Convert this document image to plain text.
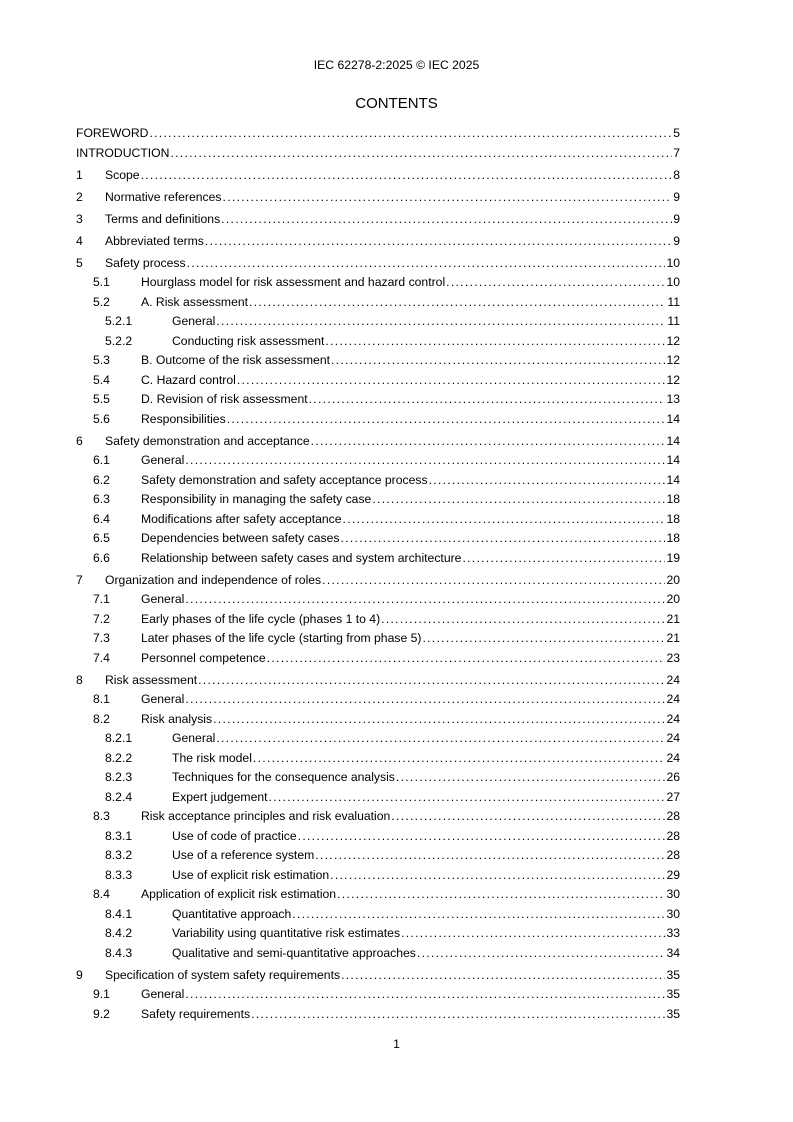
IEC 62278-2:2025 © IEC 2025
CONTENTS
FOREWORD . . .	5
INTRODUCTION . . .	7
1	Scope . . .	8
2	Normative references . . .	9
3	Terms and definitions . . .	9
4	Abbreviated terms . . .	9
5	Safety process . . .	10
5.1	Hourglass model for risk assessment and hazard control . . .	10
5.2	A. Risk assessment . . .	11
5.2.1	General . . .	11
5.2.2	Conducting risk assessment . . .	12
5.3	B. Outcome of the risk assessment . . .	12
5.4	C. Hazard control . . .	12
5.5	D. Revision of risk assessment . . .	13
5.6	Responsibilities . . .	14
6	Safety demonstration and acceptance . . .	14
6.1	General . . .	14
6.2	Safety demonstration and safety acceptance process . . .	14
6.3	Responsibility in managing the safety case . . .	18
6.4	Modifications after safety acceptance . . .	18
6.5	Dependencies between safety cases . . .	18
6.6	Relationship between safety cases and system architecture . . .	19
7	Organization and independence of roles . . .	20
7.1	General . . .	20
7.2	Early phases of the life cycle (phases 1 to 4) . . .	21
7.3	Later phases of the life cycle (starting from phase 5) . . .	21
7.4	Personnel competence . . .	23
8	Risk assessment . . .	24
8.1	General . . .	24
8.2	Risk analysis . . .	24
8.2.1	General . . .	24
8.2.2	The risk model . . .	24
8.2.3	Techniques for the consequence analysis . . .	26
8.2.4	Expert judgement . . .	27
8.3	Risk acceptance principles and risk evaluation . . .	28
8.3.1	Use of code of practice . . .	28
8.3.2	Use of a reference system . . .	28
8.3.3	Use of explicit risk estimation . . .	29
8.4	Application of explicit risk estimation . . .	30
8.4.1	Quantitative approach . . .	30
8.4.2	Variability using quantitative risk estimates . . .	33
8.4.3	Qualitative and semi-quantitative approaches . . .	34
9	Specification of system safety requirements . . .	35
9.1	General . . .	35
9.2	Safety requirements . . .	35
1
